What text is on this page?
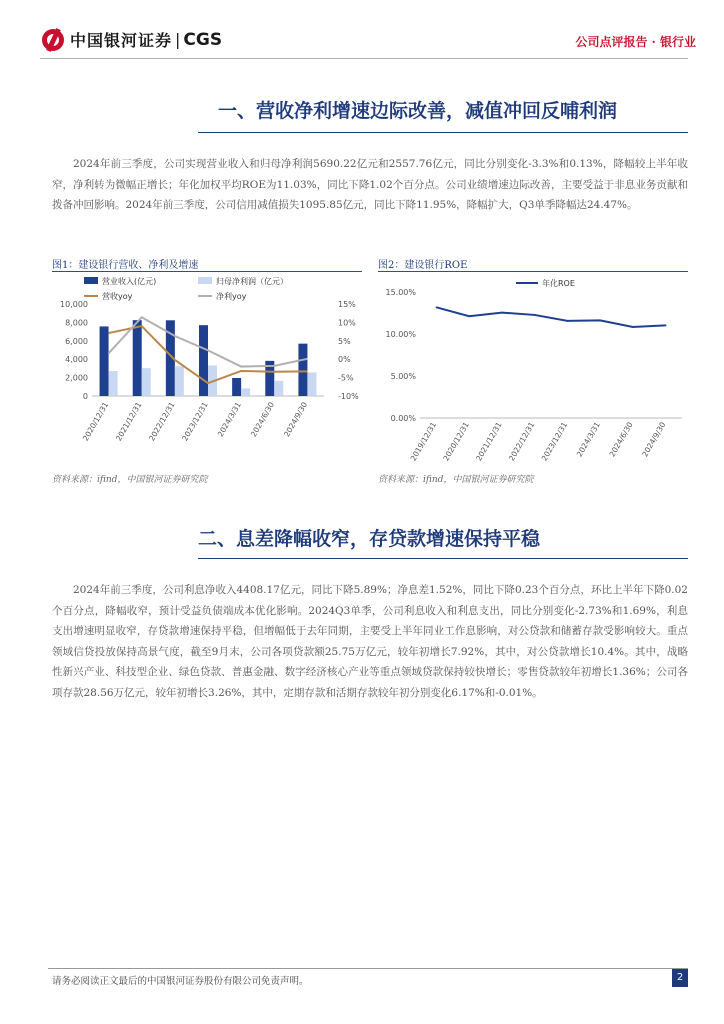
中国银河证券 | CGS	公司点评报告 · 银行业
一、营收净利增速边际改善，减值冲回反哺利润
2024年前三季度，公司实现营业收入和归母净利润5690.22亿元和2557.76亿元，同比分别变化-3.3%和0.13%，降幅较上半年收窄，净利转为微幅正增长；年化加权平均ROE为11.03%，同比下降1.02个百分点。公司业绩增速边际改善，主要受益于非息业务贡献和拨备冲回影响。2024年前三季度，公司信用减值损失1095.85亿元，同比下降11.95%，降幅扩大，Q3单季降幅达24.47%。
图1：建设银行营收、净利及增速
营业收入(亿元)	归母净利润（亿元）
营收yoy	净利yoy
10,000
8,000
6,000
4,000
2,000
0
15%
10%
5%
0%
-5%
-10%
2020/12/31 2021/12/31 2022/12/31 2023/12/31 2024/3/31 2024/6/30 2024/9/30
资料来源：ifind，中国银河证券研究院
图2：建设银行ROE
年化ROE
15.00%
10.00%
5.00%
0.00%
2019/12/31 2020/12/31 2021/12/31 2022/12/31 2023/12/31 2024/3/31 2024/6/30 2024/9/30
资料来源：ifind，中国银河证券研究院
二、息差降幅收窄，存贷款增速保持平稳
2024年前三季度，公司利息净收入4408.17亿元，同比下降5.89%；净息差1.52%，同比下降0.23个百分点，环比上半年下降0.02个百分点，降幅收窄，预计受益负债端成本优化影响。2024Q3单季，公司利息收入和利息支出，同比分别变化-2.73%和1.69%，利息支出增速明显收窄，存贷款增速保持平稳，但增幅低于去年同期，主要受上半年同业工作息影响，对公贷款和储蓄存款受影响较大。重点领域信贷投放保持高景气度，截至9月末，公司各项贷款额25.75万亿元，较年初增长7.92%，其中，对公贷款增长10.4%。其中，战略性新兴产业、科技型企业、绿色贷款、普惠金融、数字经济核心产业等重点领域贷款保持较快增长；零售贷款较年初增长1.36%；公司各项存款28.56万亿元，较年初增长3.26%，其中，定期存款和活期存款较年初分别变化6.17%和-0.01%。
请务必阅读正文最后的中国银河证券股份有限公司免责声明。	2
